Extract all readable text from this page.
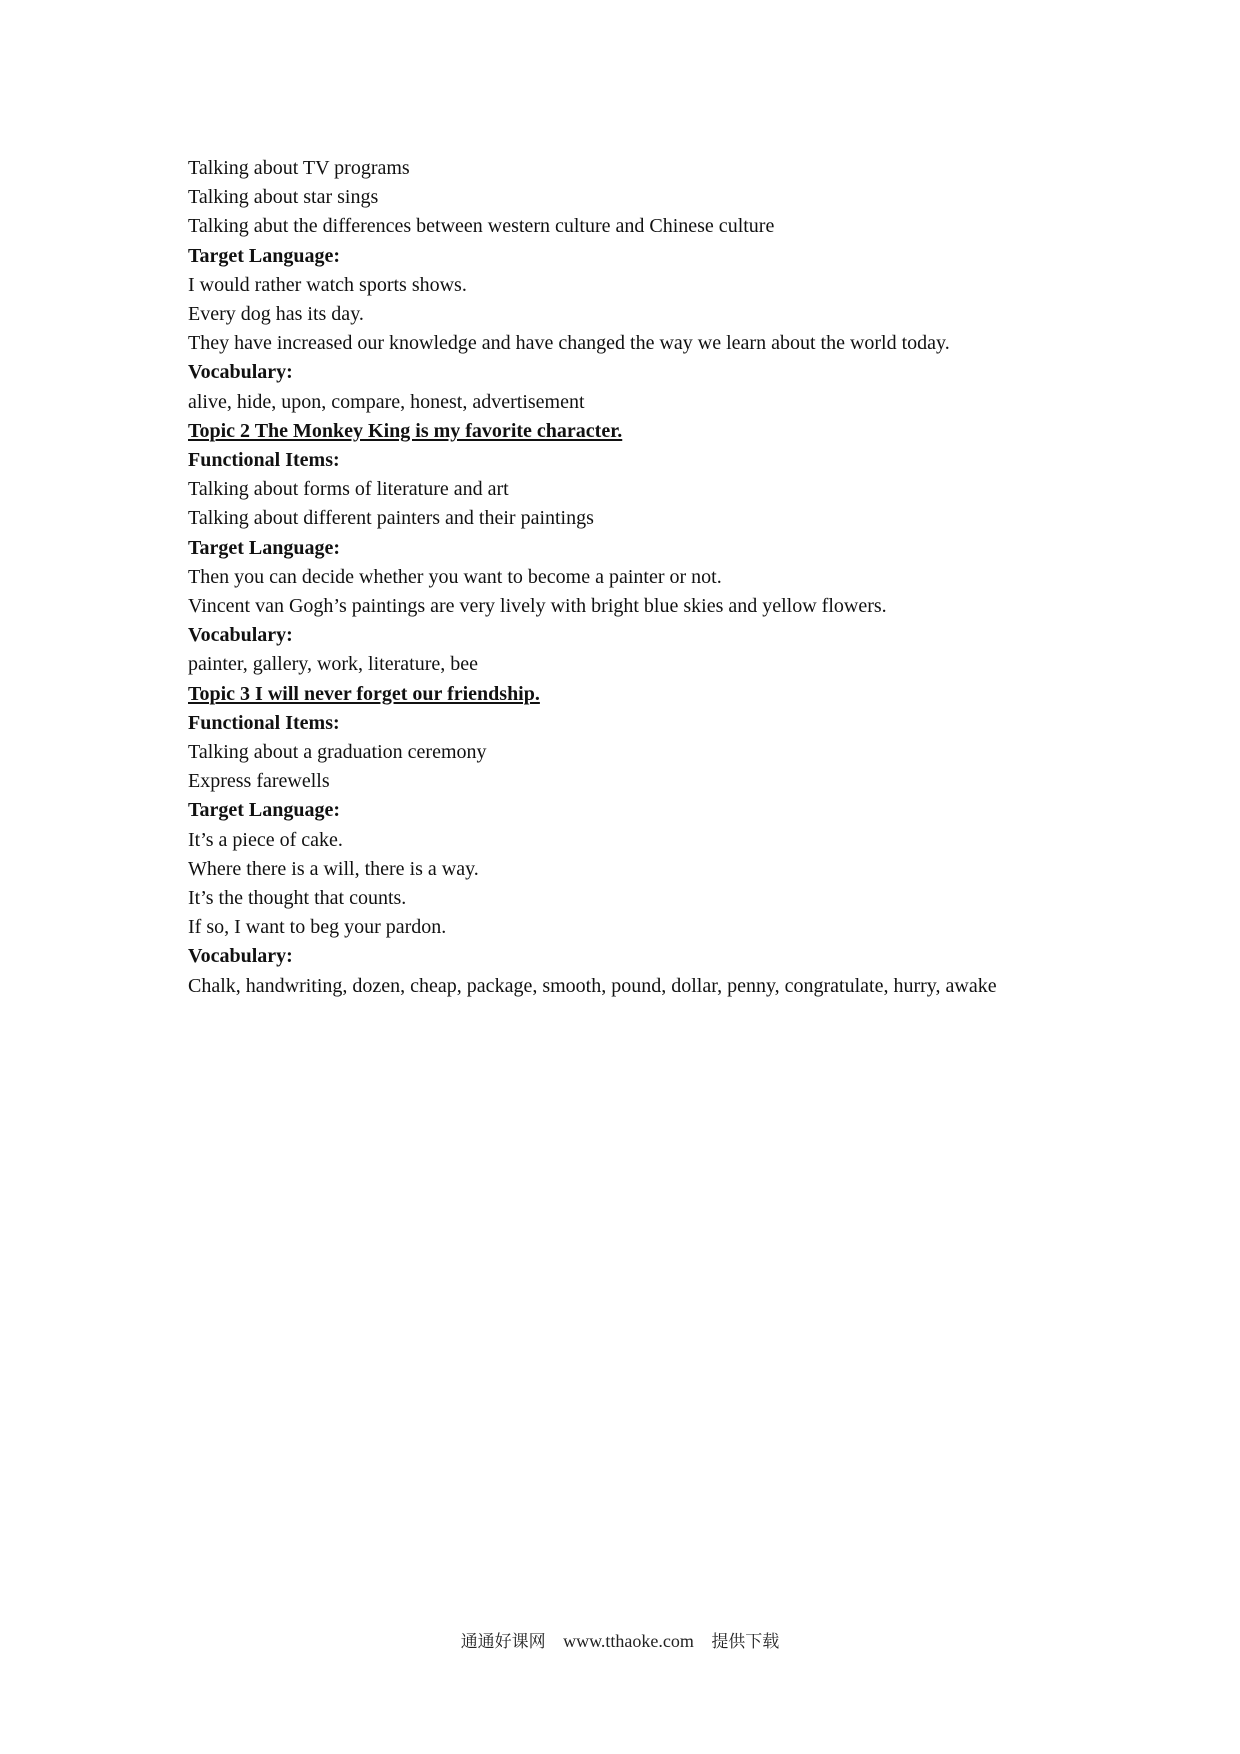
Talking about TV programs

Talking about star sings

Talking abut the differences between western culture and Chinese culture

Target Language:

I would rather watch sports shows.

Every dog has its day.

They have increased our knowledge and have changed the way we learn about the world today.

Vocabulary:

alive, hide, upon, compare, honest, advertisement

Topic 2 The Monkey King is my favorite character.

Functional Items:

Talking about forms of literature and art

Talking about different painters and their paintings

Target Language:

Then you can decide whether you want to become a painter or not.

Vincent van Gogh’s paintings are very lively with bright blue skies and yellow flowers.

Vocabulary:

painter, gallery, work, literature, bee

Topic 3 I will never forget our friendship.

Functional Items:

Talking about a graduation ceremony

Express farewells

Target Language:

It’s a piece of cake.

Where there is a will, there is a way.

It’s the thought that counts.

If so, I want to beg your pardon.

Vocabulary:

Chalk, handwriting, dozen, cheap, package, smooth, pound, dollar, penny, congratulate, hurry, awake

通通好课网 www.tthaoke.com 提供下载
